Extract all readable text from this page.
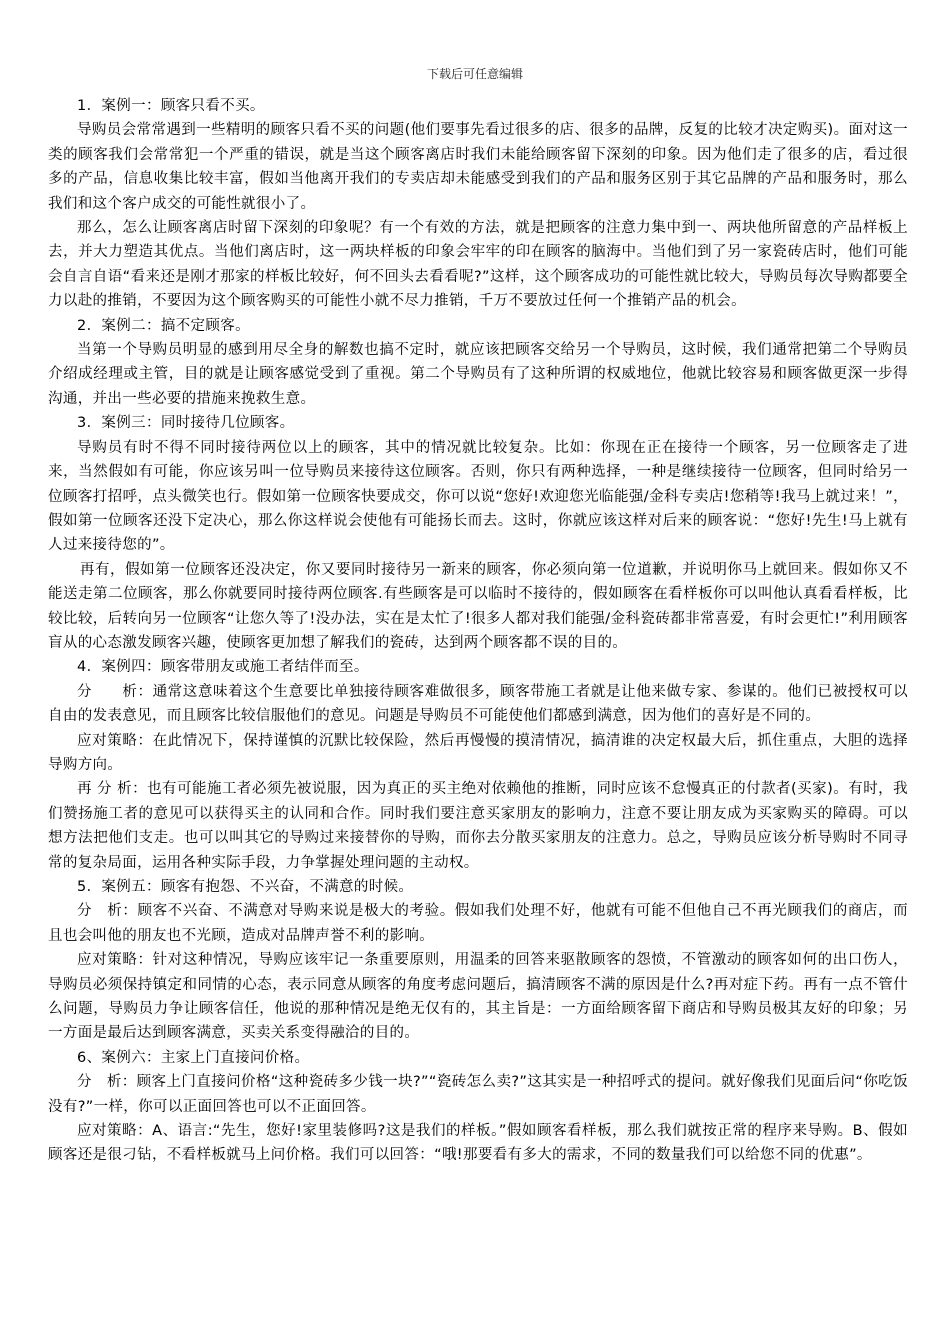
下载后可任意编辑

1．案例一：顾客只看不买。

导购员会常常遇到一些精明的顾客只看不买的问题(他们要事先看过很多的店、很多的品牌，反复的比较才决定购买)。面对这一类的顾客我们会常常犯一个严重的错误，就是当这个顾客离店时我们未能给顾客留下深刻的印象。因为他们走了很多的店，看过很多的产品，信息收集比较丰富，假如当他离开我们的专卖店却未能感受到我们的产品和服务区别于其它品牌的产品和服务时，那么我们和这个客户成交的可能性就很小了。

那么，怎么让顾客离店时留下深刻的印象呢？有一个有效的方法，就是把顾客的注意力集中到一、两块他所留意的产品样板上去，并大力塑造其优点。当他们离店时，这一两块样板的印象会牢牢的印在顾客的脑海中。当他们到了另一家瓷砖店时，他们可能会自言自语“看来还是刚才那家的样板比较好，何不回头去看看呢?”这样，这个顾客成功的可能性就比较大，导购员每次导购都要全力以赴的推销，不要因为这个顾客购买的可能性小就不尽力推销，千万不要放过任何一个推销产品的机会。

2．案例二：搞不定顾客。

当第一个导购员明显的感到用尽全身的解数也搞不定时，就应该把顾客交给另一个导购员，这时候，我们通常把第二个导购员介绍成经理或主管，目的就是让顾客感觉受到了重视。第二个导购员有了这种所谓的权威地位，他就比较容易和顾客做更深一步得沟通，并出一些必要的措施来挽救生意。

3．案例三：同时接待几位顾客。

导购员有时不得不同时接待两位以上的顾客，其中的情况就比较复杂。比如：你现在正在接待一个顾客，另一位顾客走了进来，当然假如有可能，你应该另叫一位导购员来接待这位顾客。否则，你只有两种选择，一种是继续接待一位顾客，但同时给另一位顾客打招呼，点头微笑也行。假如第一位顾客快要成交，你可以说“您好!欢迎您光临能强/金科专卖店!您稍等!我马上就过来！”，假如第一位顾客还没下定决心，那么你这样说会使他有可能扬长而去。这时，你就应该这样对后来的顾客说：“您好!先生!马上就有人过来接待您的”。

再有，假如第一位顾客还没决定，你又要同时接待另一新来的顾客，你必须向第一位道歉，并说明你马上就回来。假如你又不能送走第二位顾客，那么你就要同时接待两位顾客.有些顾客是可以临时不接待的，假如顾客在看样板你可以叫他认真看看样板，比较比较，后转向另一位顾客“让您久等了!没办法，实在是太忙了!很多人都对我们能强/金科瓷砖都非常喜爱，有时会更忙!”利用顾客盲从的心态激发顾客兴趣，使顾客更加想了解我们的瓷砖，达到两个顾客都不误的目的。

4．案例四：顾客带朋友或施工者结伴而至。

分　　析：通常这意味着这个生意要比单独接待顾客难做很多，顾客带施工者就是让他来做专家、参谋的。他们已被授权可以自由的发表意见，而且顾客比较信服他们的意见。问题是导购员不可能使他们都感到满意，因为他们的喜好是不同的。

应对策略：在此情况下，保持谨慎的沉默比较保险，然后再慢慢的摸清情况，搞清谁的决定权最大后，抓住重点，大胆的选择导购方向。

再 分 析：也有可能施工者必须先被说服，因为真正的买主绝对依赖他的推断，同时应该不怠慢真正的付款者(买家)。有时，我们赞扬施工者的意见可以获得买主的认同和合作。同时我们要注意买家朋友的影响力，注意不要让朋友成为买家购买的障碍。可以想方法把他们支走。也可以叫其它的导购过来接替你的导购，而你去分散买家朋友的注意力。总之，导购员应该分析导购时不同寻常的复杂局面，运用各种实际手段，力争掌握处理问题的主动权。

5．案例五：顾客有抱怨、不兴奋，不满意的时候。

分　析：顾客不兴奋、不满意对导购来说是极大的考验。假如我们处理不好，他就有可能不但他自己不再光顾我们的商店，而且也会叫他的朋友也不光顾，造成对品牌声誉不利的影响。

应对策略：针对这种情况，导购应该牢记一条重要原则，用温柔的回答来驱散顾客的怨愤，不管激动的顾客如何的出口伤人，导购员必须保持镇定和同情的心态，表示同意从顾客的角度考虑问题后，搞清顾客不满的原因是什么?再对症下药。再有一点不管什么问题，导购员力争让顾客信任，他说的那种情况是绝无仅有的，其主旨是：一方面给顾客留下商店和导购员极其友好的印象；另一方面是最后达到顾客满意，买卖关系变得融洽的目的。

6、案例六：主家上门直接问价格。

分　析：顾客上门直接问价格“这种瓷砖多少钱一块?”“瓷砖怎么卖?”这其实是一种招呼式的提问。就好像我们见面后问“你吃饭没有?”一样，你可以正面回答也可以不正面回答。

应对策略：A、语言:“先生，您好!家里装修吗?这是我们的样板。”假如顾客看样板，那么我们就按正常的程序来导购。B、假如顾客还是很刁钻，不看样板就马上问价格。我们可以回答：“哦!那要看有多大的需求，不同的数量我们可以给您不同的优惠”。
